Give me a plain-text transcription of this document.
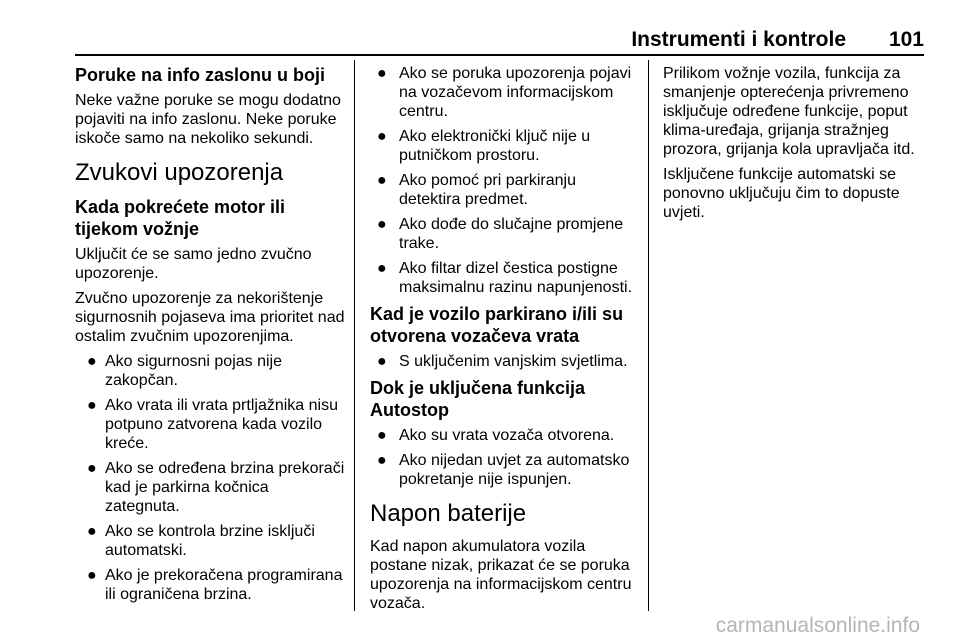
Instrumenti i kontrole 101
Poruke na info zaslonu u boji

Neke važne poruke se mogu dodatno pojaviti na info zaslonu. Neke poruke iskoče samo na nekoliko sekundi.

Zvukovi upozorenja
Kada pokrećete motor ili tijekom vožnje

Uključit će se samo jedno zvučno upozorenje.

Zvučno upozorenje za nekorištenje sigurnosnih pojaseva ima prioritet nad ostalim zvučnim upozorenjima.

● Ako sigurnosni pojas nije zakopčan.
● Ako vrata ili vrata prtljažnika nisu potpuno zatvorena kada vozilo kreće.
● Ako se određena brzina prekorači kad je parkirna kočnica zategnuta.
● Ako se kontrola brzine isključi automatski.
● Ako je prekoračena programirana ili ograničena brzina.
● Ako se poruka upozorenja pojavi na vozačevom informacijskom centru.
● Ako elektronički ključ nije u putničkom prostoru.
● Ako pomoć pri parkiranju detektira predmet.
● Ako dođe do slučajne promjene trake.
● Ako filtar dizel čestica postigne maksimalnu razinu napunjenosti.
Kad je vozilo parkirano i/ili su otvorena vozačeva vrata
● S uključenim vanjskim svjetlima.
Dok je uključena funkcija Autostop
● Ako su vrata vozača otvorena.
● Ako nijedan uvjet za automatsko pokretanje nije ispunjen.
Napon baterije

Kad napon akumulatora vozila postane nizak, prikazat će se poruka upozorenja na informacijskom centru vozača.

Prilikom vožnje vozila, funkcija za smanjenje opterećenja privremeno isključuje određene funkcije, poput klima-uređaja, grijanja stražnjeg prozora, grijanja kola upravljača itd.

Isključene funkcije automatski se ponovno uključuju čim to dopuste uvjeti.

carmanualsonline.info
